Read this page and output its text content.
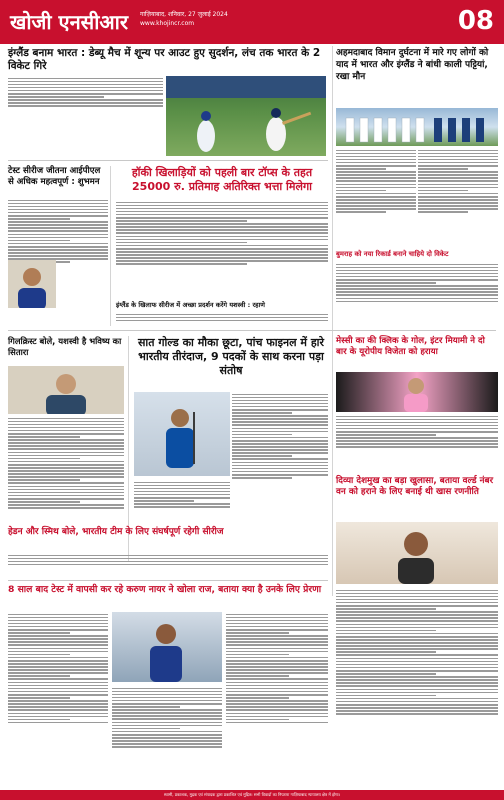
खोजी एनसीआर गाज़ियाबाद, शनिवार, 27 जुलाई 2024
www.khojincr.com	08
इंग्लैंड बनाम भारत : डेब्यू मैच में शून्य पर आउट हुए सुदर्शन, लंच तक भारत के 2 विकेट गिरे
अहमदाबाद विमान दुर्घटना में मारे गए लोगों को याद में भारत और इंग्लैंड ने बांधी काली पट्टियां, रखा मौन
टेस्ट सीरीज जीतना आईपीएल से अधिक महत्वपूर्ण : शुभमन
हॉकी खिलाड़ियों को पहली बार टॉप्स के तहत 25000 रु. प्रतिमाह अतिरिक्त भत्ता मिलेगा
इंग्लैंड के खिलाफ सीरीज में अच्छा प्रदर्शन करेंगे यशस्वी : रहाणे
बुमराह को नया रिकार्ड बनाने चाहिये दो विकेट
गिलक्रिस्ट बोले, यशस्वी है भविष्य का सितारा
सात गोल्ड का मौका छूटा, पांच फाइनल में हारे भारतीय तीरंदाज, 9 पदकों के साथ करना पड़ा संतोष
मेस्सी का की क्लिक के गोल, इंटर मियामी ने दो बार के यूरोपीय विजेता को हराया
दिव्या देशमुख का बड़ा खुलासा, बताया वर्ल्ड नंबर वन को हराने के लिए बनाई थी खास रणनीति
हेडन और स्मिथ बोले, भारतीय टीम के लिए संघर्षपूर्ण रहेगी सीरीज
8 साल बाद टेस्ट में वापसी कर रहे करुण नायर ने खोला राज, बताया क्या है उनके लिए प्रेरणा
स्वामी, प्रकाशक, मुद्रक एवं संपादक द्वारा प्रकाशित एवं मुद्रित। सभी विवादों का निपटारा गाज़ियाबाद न्यायालय क्षेत्र में होगा।
